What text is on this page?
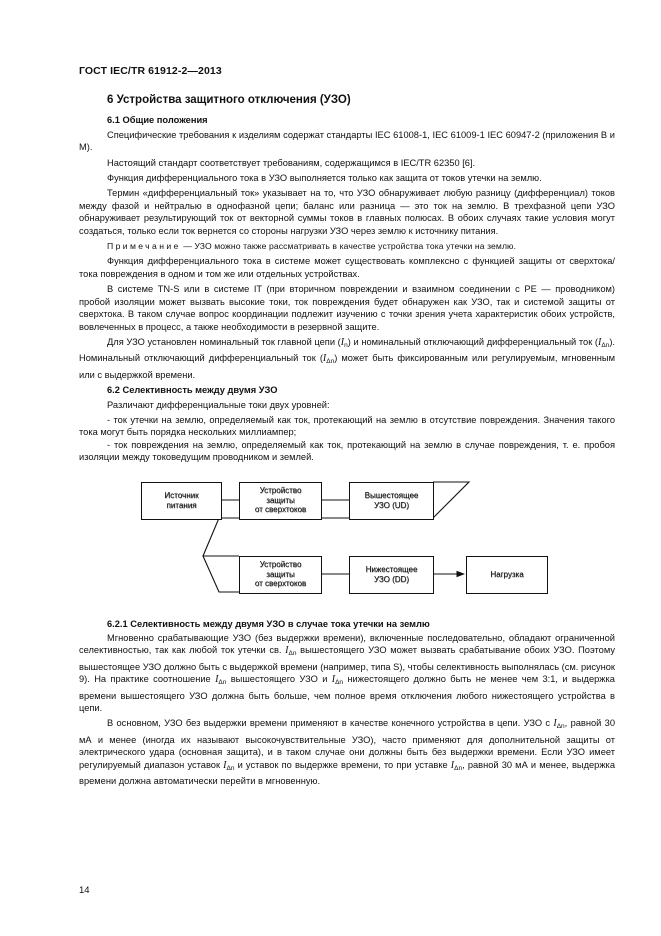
ГОСТ IEC/TR 61912-2—2013
6 Устройства защитного отключения (УЗО)
6.1 Общие положения

Специфические требования к изделиям содержат стандарты IEC 61008-1, IEC 61009-1 IEC 60947-2 (приложения В и М).

Настоящий стандарт соответствует требованиям, содержащимся в IEC/TR 62350 [6].

Функция дифференциального тока в УЗО выполняется только как защита от токов утечки на землю.

Термин «дифференциальный ток» указывает на то, что УЗО обнаруживает любую разницу (дифференциал) токов между фазой и нейтралью в однофазной цепи; баланс или разница — это ток на землю. В трехфазной цепи УЗО обнаруживает результирующий ток от векторной суммы токов в главных полюсах. В обоих случаях такие условия могут создаться, только если ток вернется со стороны нагрузки УЗО через землю к источнику питания.

Примечание — УЗО можно также рассматривать в качестве устройства тока утечки на землю.

Функция дифференциального тока в системе может существовать комплексно с функцией защиты от сверхтока/тока повреждения в одном и том же или отдельных устройствах.

В системе TN-S или в системе IT (при вторичном повреждении и взаимном соединении с PE — проводником) пробой изоляции может вызвать высокие токи, ток повреждения будет обнаружен как УЗО, так и системой защиты от сверхтока. В таком случае вопрос координации подлежит изучению с точки зрения учета характеристик обоих устройств, вовлеченных в процесс, а также необходимости в резервной защите.

Для УЗО установлен номинальный ток главной цепи $(I_n)$ и номинальный отключающий дифференциальный ток $(I_{\Delta n})$. Номинальный отключающий дифференциальный ток $(I_{\Delta n})$ может быть фиксированным или регулируемым, мгновенным или с выдержкой времени.

6.2 Селективность между двумя УЗО

Различают дифференциальные токи двух уровней:

- ток утечки на землю, определяемый как ток, протекающий на землю в отсутствие повреждения. Значения такого тока могут быть порядка нескольких миллиампер;

- ток повреждения на землю, определяемый как ток, протекающий на землю в случае повреждения, т. е. пробоя изоляции между токоведущим проводником и землей.

Источник
питания
Устройство
защиты
от сверхтоков
Вышестоящее
УЗО (UD)
Устройство
защиты
от сверхтоков
Нижестоящее
УЗО (DD)
Нагрузка
6.2.1 Селективность между двумя УЗО в случае тока утечки на землю

Мгновенно срабатывающие УЗО (без выдержки времени), включенные последовательно, обладают ограниченной селективностью, так как любой ток утечки св. $I_{\Delta n}$ вышестоящего УЗО может вызвать срабатывание обоих УЗО. Поэтому вышестоящее УЗО должно быть с выдержкой времени (например, типа S), чтобы селективность выполнялась (см. рисунок 9). На практике соотношение $I_{\Delta n}$ вышестоящего УЗО и $I_{\Delta n}$ нижестоящего должно быть не менее чем 3:1, и выдержка времени вышестоящего УЗО должна быть больше, чем полное время отключения любого нижестоящего устройства в цепи.

В основном, УЗО без выдержки времени применяют в качестве конечного устройства в цепи. УЗО с $I_{\Delta n}$, равной 30 мА и менее (иногда их называют высокочувствительные УЗО), часто применяют для дополнительной защиты от электрического удара (основная защита), и в таком случае они должны быть без выдержки времени. Если УЗО имеет регулируемый диапазон уставок $I_{\Delta n}$ и уставок по выдержке времени, то при уставке $I_{\Delta n}$, равной 30 мА и менее, выдержка времени должна автоматически перейти в мгновенную.

14
